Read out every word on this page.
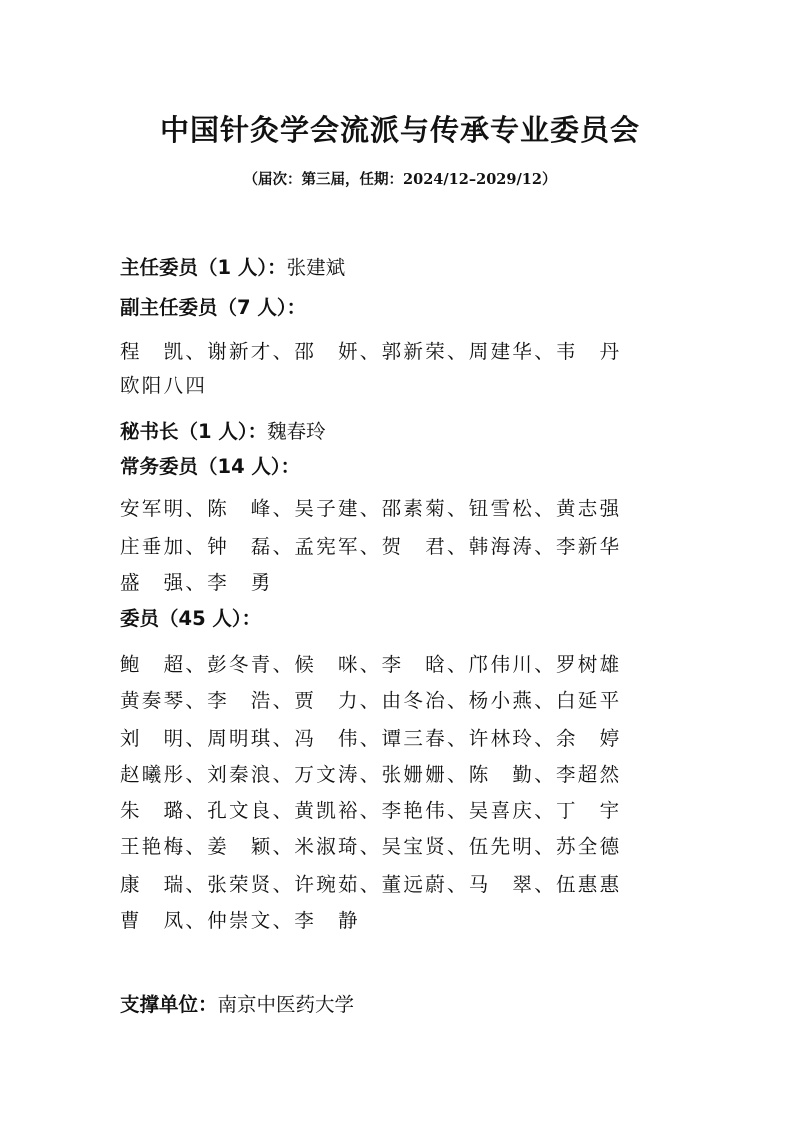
中国针灸学会流派与传承专业委员会
（届次：第三届，任期：2024/12–2029/12）
主任委员（1 人）：张建斌
副主任委员（7 人）：
程　凯、谢新才、邵　妍、郭新荣、周建华、韦　丹
欧阳八四
秘书长（1 人）：魏春玲
常务委员（14 人）：
安军明、陈　峰、吴子建、邵素菊、钮雪松、黄志强
庄垂加、钟　磊、孟宪军、贺　君、韩海涛、李新华
盛　强、李　勇
委员（45 人）：
鲍　超、彭冬青、候　咪、李　晗、邝伟川、罗树雄
黄奏琴、李　浩、贾　力、由冬冶、杨小燕、白延平
刘　明、周明琪、冯　伟、谭三春、许林玲、余　婷
赵曦彤、刘秦浪、万文涛、张姗姗、陈　勤、李超然
朱　璐、孔文良、黄凯裕、李艳伟、吴喜庆、丁　宇
王艳梅、姜　颖、米淑琦、吴宝贤、伍先明、苏全德
康　瑞、张荣贤、许琬茹、董远蔚、马　翠、伍惠惠
曹　凤、仲崇文、李　静
支撑单位：南京中医药大学
